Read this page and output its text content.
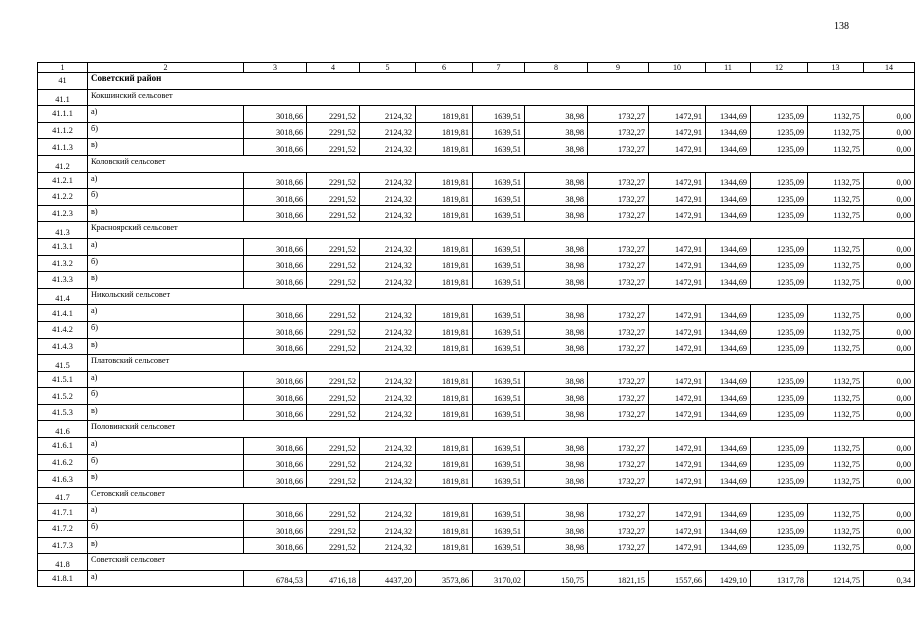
138
1	2	3	4	5	6	7	8	9	10	11	12	13	14
41	Советский район												
41.1	Кокшинский сельсовет												
41.1.1	а)	3018,66	2291,52	2124,32	1819,81	1639,51	38,98	1732,27	1472,91	1344,69	1235,09	1132,75	0,00
41.1.2	б)	3018,66	2291,52	2124,32	1819,81	1639,51	38,98	1732,27	1472,91	1344,69	1235,09	1132,75	0,00
41.1.3	в)	3018,66	2291,52	2124,32	1819,81	1639,51	38,98	1732,27	1472,91	1344,69	1235,09	1132,75	0,00
41.2	Коловский сельсовет												
41.2.1	а)	3018,66	2291,52	2124,32	1819,81	1639,51	38,98	1732,27	1472,91	1344,69	1235,09	1132,75	0,00
41.2.2	б)	3018,66	2291,52	2124,32	1819,81	1639,51	38,98	1732,27	1472,91	1344,69	1235,09	1132,75	0,00
41.2.3	в)	3018,66	2291,52	2124,32	1819,81	1639,51	38,98	1732,27	1472,91	1344,69	1235,09	1132,75	0,00
41.3	Краснoярский сельсовет												
41.3.1	а)	3018,66	2291,52	2124,32	1819,81	1639,51	38,98	1732,27	1472,91	1344,69	1235,09	1132,75	0,00
41.3.2	б)	3018,66	2291,52	2124,32	1819,81	1639,51	38,98	1732,27	1472,91	1344,69	1235,09	1132,75	0,00
41.3.3	в)	3018,66	2291,52	2124,32	1819,81	1639,51	38,98	1732,27	1472,91	1344,69	1235,09	1132,75	0,00
41.4	Никольский сельсовет												
41.4.1	а)	3018,66	2291,52	2124,32	1819,81	1639,51	38,98	1732,27	1472,91	1344,69	1235,09	1132,75	0,00
41.4.2	б)	3018,66	2291,52	2124,32	1819,81	1639,51	38,98	1732,27	1472,91	1344,69	1235,09	1132,75	0,00
41.4.3	в)	3018,66	2291,52	2124,32	1819,81	1639,51	38,98	1732,27	1472,91	1344,69	1235,09	1132,75	0,00
41.5	Платовский сельсовет												
41.5.1	а)	3018,66	2291,52	2124,32	1819,81	1639,51	38,98	1732,27	1472,91	1344,69	1235,09	1132,75	0,00
41.5.2	б)	3018,66	2291,52	2124,32	1819,81	1639,51	38,98	1732,27	1472,91	1344,69	1235,09	1132,75	0,00
41.5.3	в)	3018,66	2291,52	2124,32	1819,81	1639,51	38,98	1732,27	1472,91	1344,69	1235,09	1132,75	0,00
41.6	Половинский сельсовет												
41.6.1	а)	3018,66	2291,52	2124,32	1819,81	1639,51	38,98	1732,27	1472,91	1344,69	1235,09	1132,75	0,00
41.6.2	б)	3018,66	2291,52	2124,32	1819,81	1639,51	38,98	1732,27	1472,91	1344,69	1235,09	1132,75	0,00
41.6.3	в)	3018,66	2291,52	2124,32	1819,81	1639,51	38,98	1732,27	1472,91	1344,69	1235,09	1132,75	0,00
41.7	Сетовский сельсовет												
41.7.1	а)	3018,66	2291,52	2124,32	1819,81	1639,51	38,98	1732,27	1472,91	1344,69	1235,09	1132,75	0,00
41.7.2	б)	3018,66	2291,52	2124,32	1819,81	1639,51	38,98	1732,27	1472,91	1344,69	1235,09	1132,75	0,00
41.7.3	в)	3018,66	2291,52	2124,32	1819,81	1639,51	38,98	1732,27	1472,91	1344,69	1235,09	1132,75	0,00
41.8	Советский сельсовет												
41.8.1	а)	6784,53	4716,18	4437,20	3573,86	3170,02	150,75	1821,15	1557,66	1429,10	1317,78	1214,75	0,34
